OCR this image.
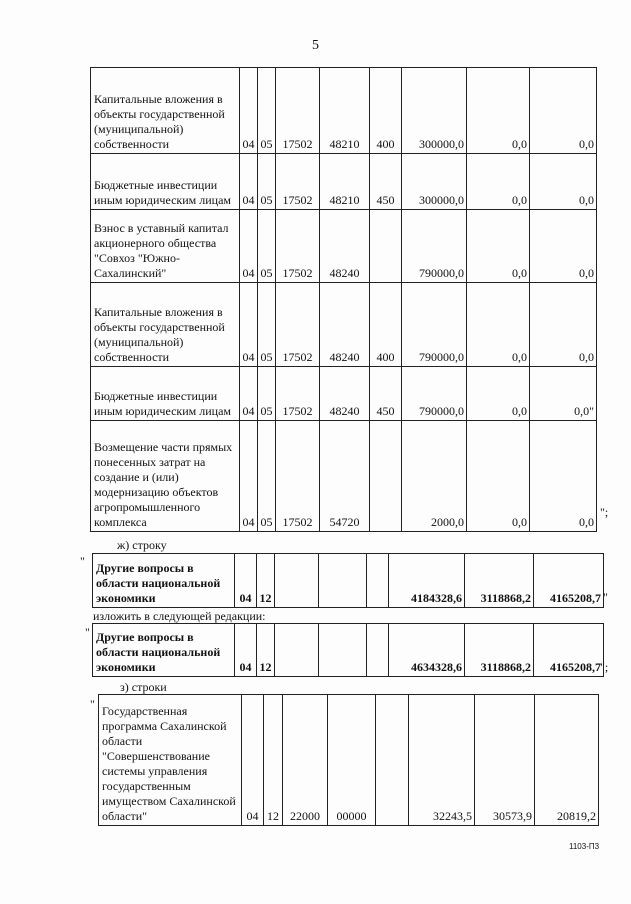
5
Капитальные вложения в объекты государственной (муниципальной) собственности	04	05	17502	48210	400	300000,0	0,0	0,0
Бюджетные инвестиции иным юридическим лицам	04	05	17502	48210	450	300000,0	0,0	0,0
Взнос в уставный капитал акционерного общества "Совхоз "Южно-Сахалинский"	04	05	17502	48240		790000,0	0,0	0,0
Капитальные вложения в объекты государственной (муниципальной) собственности	04	05	17502	48240	400	790000,0	0,0	0,0
Бюджетные инвестиции иным юридическим лицам	04	05	17502	48240	450	790000,0	0,0	0,0"
Возмещение части прямых понесенных затрат на создание и (или) модернизацию объектов агропромышленного комплекса	04	05	17502	54720		2000,0	0,0	0,0
";
ж) строку
" Другие вопросы в области национальной экономики	04	12				4184328,6	3118868,2	4165208,7 "
изложить в следующей редакции:
" Другие вопросы в области национальной экономики	04	12				4634328,6	3118868,2	4165208,7 ";
з) строки
" Государственная программа Сахалинской области "Совершенствование системы управления государственным имуществом Сахалинской области"	04	12	22000	00000		32243,5	30573,9	20819,2
1103-П3
